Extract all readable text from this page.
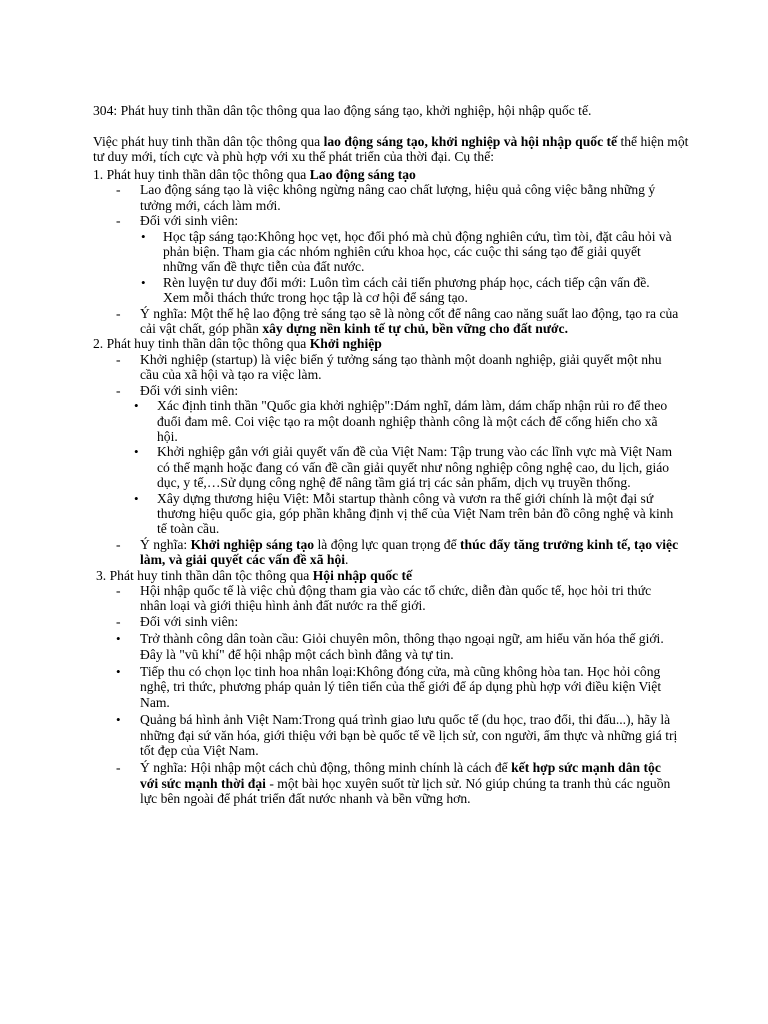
304: Phát huy tinh thần dân tộc thông qua lao động sáng tạo, khởi nghiệp, hội nhập quốc tế.
Việc phát huy tinh thần dân tộc thông qua lao động sáng tạo, khởi nghiệp và hội nhập quốc tế thể hiện một tư duy mới, tích cực và phù hợp với xu thế phát triển của thời đại. Cụ thể:
1. Phát huy tinh thần dân tộc thông qua Lao động sáng tạo
- Lao động sáng tạo là việc không ngừng nâng cao chất lượng, hiệu quả công việc bằng những ý tưởng mới, cách làm mới.
- Đối với sinh viên:
• Học tập sáng tạo:Không học vẹt, học đối phó mà chủ động nghiên cứu, tìm tòi, đặt câu hỏi và phản biện. Tham gia các nhóm nghiên cứu khoa học, các cuộc thi sáng tạo để giải quyết những vấn đề thực tiễn của đất nước.
• Rèn luyện tư duy đổi mới: Luôn tìm cách cải tiến phương pháp học, cách tiếp cận vấn đề. Xem mỗi thách thức trong học tập là cơ hội để sáng tạo.
- Ý nghĩa: Một thế hệ lao động trẻ sáng tạo sẽ là nòng cốt để nâng cao năng suất lao động, tạo ra của cải vật chất, góp phần xây dựng nền kinh tế tự chủ, bền vững cho đất nước.
2. Phát huy tinh thần dân tộc thông qua Khởi nghiệp
- Khởi nghiệp (startup) là việc biến ý tưởng sáng tạo thành một doanh nghiệp, giải quyết một nhu cầu của xã hội và tạo ra việc làm.
- Đối với sinh viên:
• Xác định tinh thần "Quốc gia khởi nghiệp":Dám nghĩ, dám làm, dám chấp nhận rủi ro để theo đuổi đam mê. Coi việc tạo ra một doanh nghiệp thành công là một cách để cống hiến cho xã hội.
• Khởi nghiệp gắn với giải quyết vấn đề của Việt Nam: Tập trung vào các lĩnh vực mà Việt Nam có thế mạnh hoặc đang có vấn đề cần giải quyết như nông nghiệp công nghệ cao, du lịch, giáo dục, y tế,…Sử dụng công nghệ để nâng tầm giá trị các sản phẩm, dịch vụ truyền thống.
• Xây dựng thương hiệu Việt: Mỗi startup thành công và vươn ra thế giới chính là một đại sứ thương hiệu quốc gia, góp phần khẳng định vị thế của Việt Nam trên bản đồ công nghệ và kinh tế toàn cầu.
- Ý nghĩa: Khởi nghiệp sáng tạo là động lực quan trọng để thúc đẩy tăng trưởng kinh tế, tạo việc làm, và giải quyết các vấn đề xã hội.
3. Phát huy tinh thần dân tộc thông qua Hội nhập quốc tế
- Hội nhập quốc tế là việc chủ động tham gia vào các tổ chức, diễn đàn quốc tế, học hỏi tri thức nhân loại và giới thiệu hình ảnh đất nước ra thế giới.
- Đối với sinh viên:
• Trở thành công dân toàn cầu: Giỏi chuyên môn, thông thạo ngoại ngữ, am hiểu văn hóa thế giới. Đây là "vũ khí" để hội nhập một cách bình đẳng và tự tin.
• Tiếp thu có chọn lọc tinh hoa nhân loại:Không đóng cửa, mà cũng không hòa tan. Học hỏi công nghệ, tri thức, phương pháp quản lý tiên tiến của thế giới để áp dụng phù hợp với điều kiện Việt Nam.
• Quảng bá hình ảnh Việt Nam:Trong quá trình giao lưu quốc tế (du học, trao đổi, thi đấu...), hãy là những đại sứ văn hóa, giới thiệu với bạn bè quốc tế về lịch sử, con người, ẩm thực và những giá trị tốt đẹp của Việt Nam.
- Ý nghĩa: Hội nhập một cách chủ động, thông minh chính là cách để kết hợp sức mạnh dân tộc với sức mạnh thời đại - một bài học xuyên suốt từ lịch sử. Nó giúp chúng ta tranh thủ các nguồn lực bên ngoài để phát triển đất nước nhanh và bền vững hơn.
